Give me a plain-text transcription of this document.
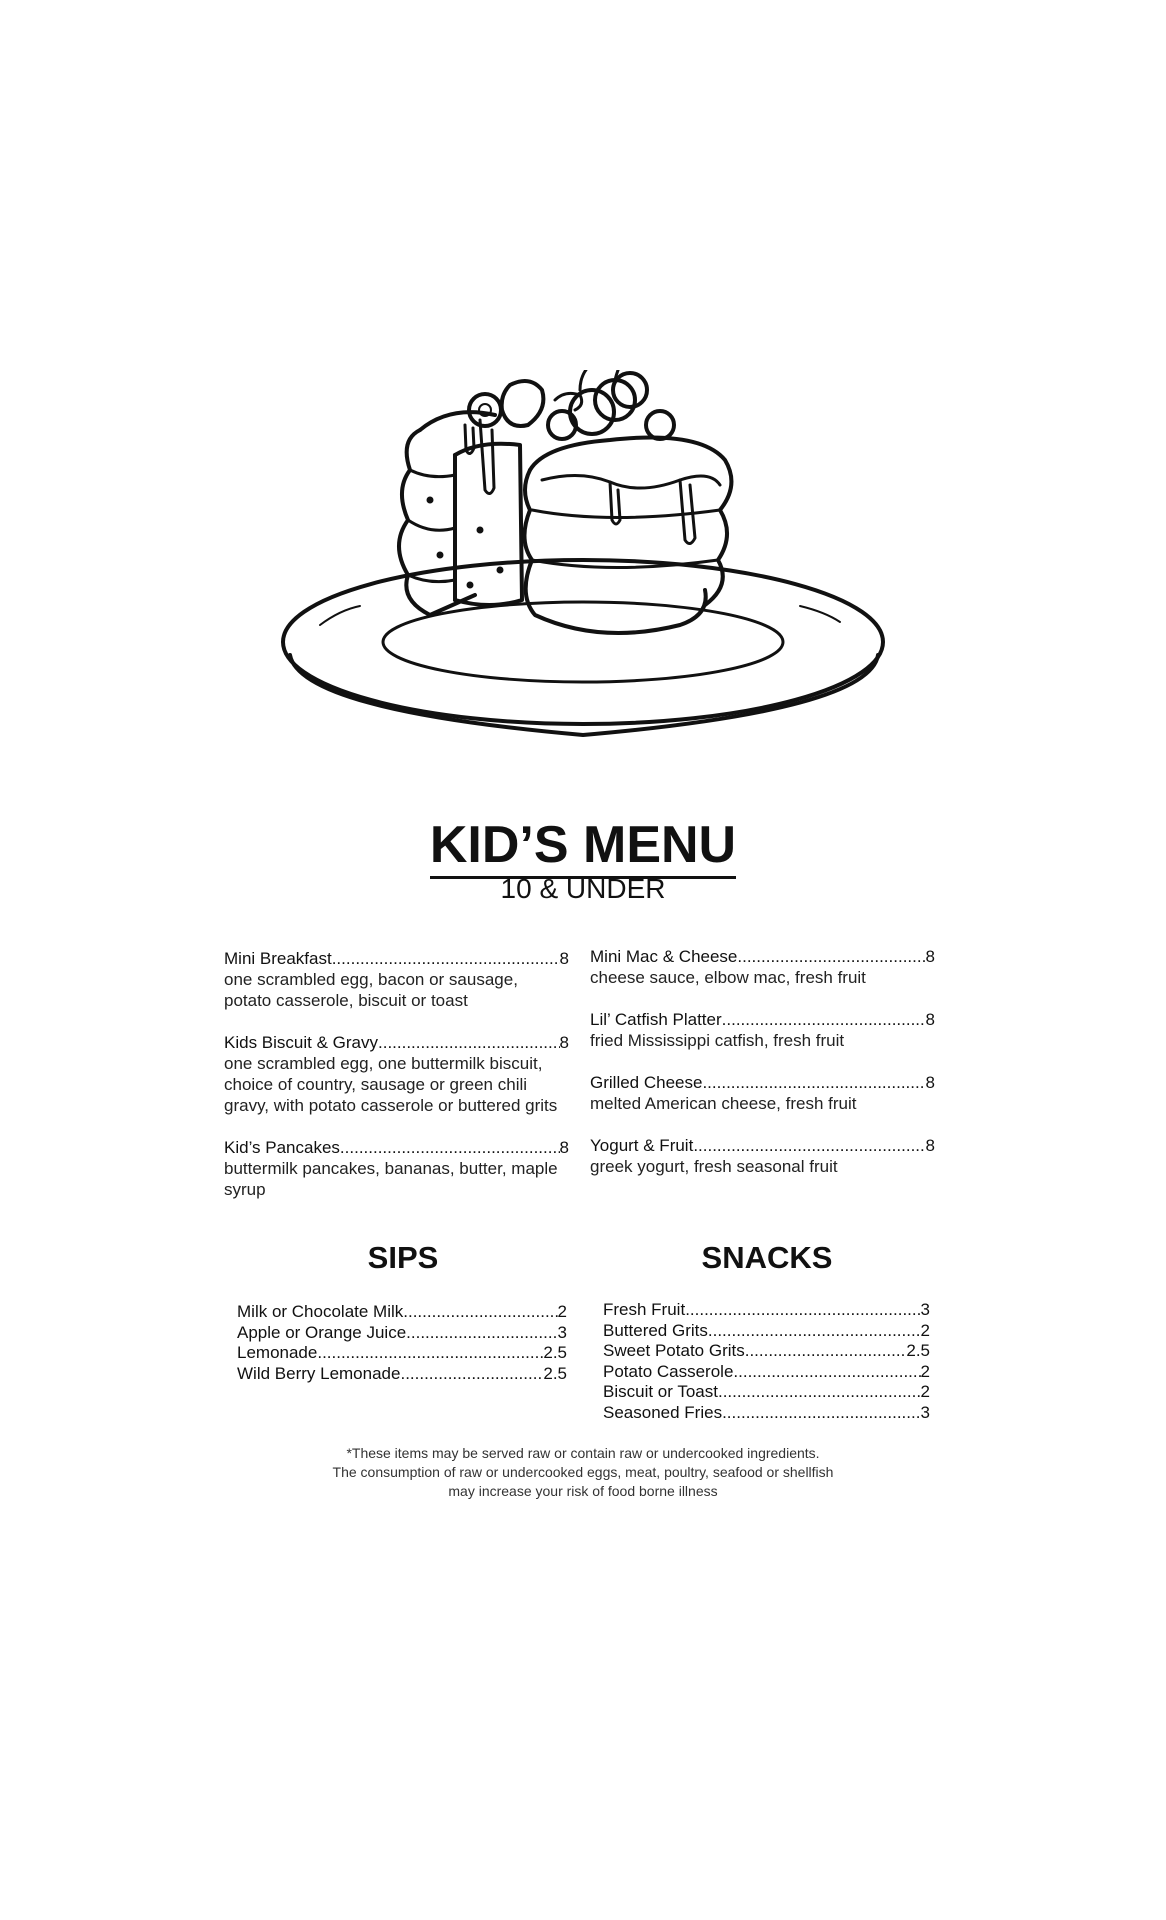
KID’S MENU
10 & UNDER
Mini Breakfast .....	8
one scrambled egg, bacon or sausage, potato casserole, biscuit or toast
Kids Biscuit & Gravy .....	8
one scrambled egg, one buttermilk biscuit, choice of country, sausage or green chili gravy, with potato casserole or buttered grits
Kid’s Pancakes .....	8
buttermilk pancakes, bananas, butter, maple syrup
Mini Mac & Cheese .....	8
cheese sauce, elbow mac, fresh fruit
Lil’ Catfish Platter .....	8
fried Mississippi catfish, fresh fruit
Grilled Cheese .....	8
melted American cheese, fresh fruit
Yogurt & Fruit .....	8
greek yogurt, fresh seasonal fruit
SIPS	SNACKS
Milk or Chocolate Milk .....	2
Apple or Orange Juice .....	3
Lemonade .....	2.5
Wild Berry Lemonade .....	2.5
Fresh Fruit .....	3
Buttered Grits .....	2
Sweet Potato Grits .....	2.5
Potato Casserole .....	2
Biscuit or Toast .....	2
Seasoned Fries .....	3
*These items may be served raw or contain raw or undercooked ingredients.
The consumption of raw or undercooked eggs, meat, poultry, seafood or shellfish
may increase your risk of food borne illness
